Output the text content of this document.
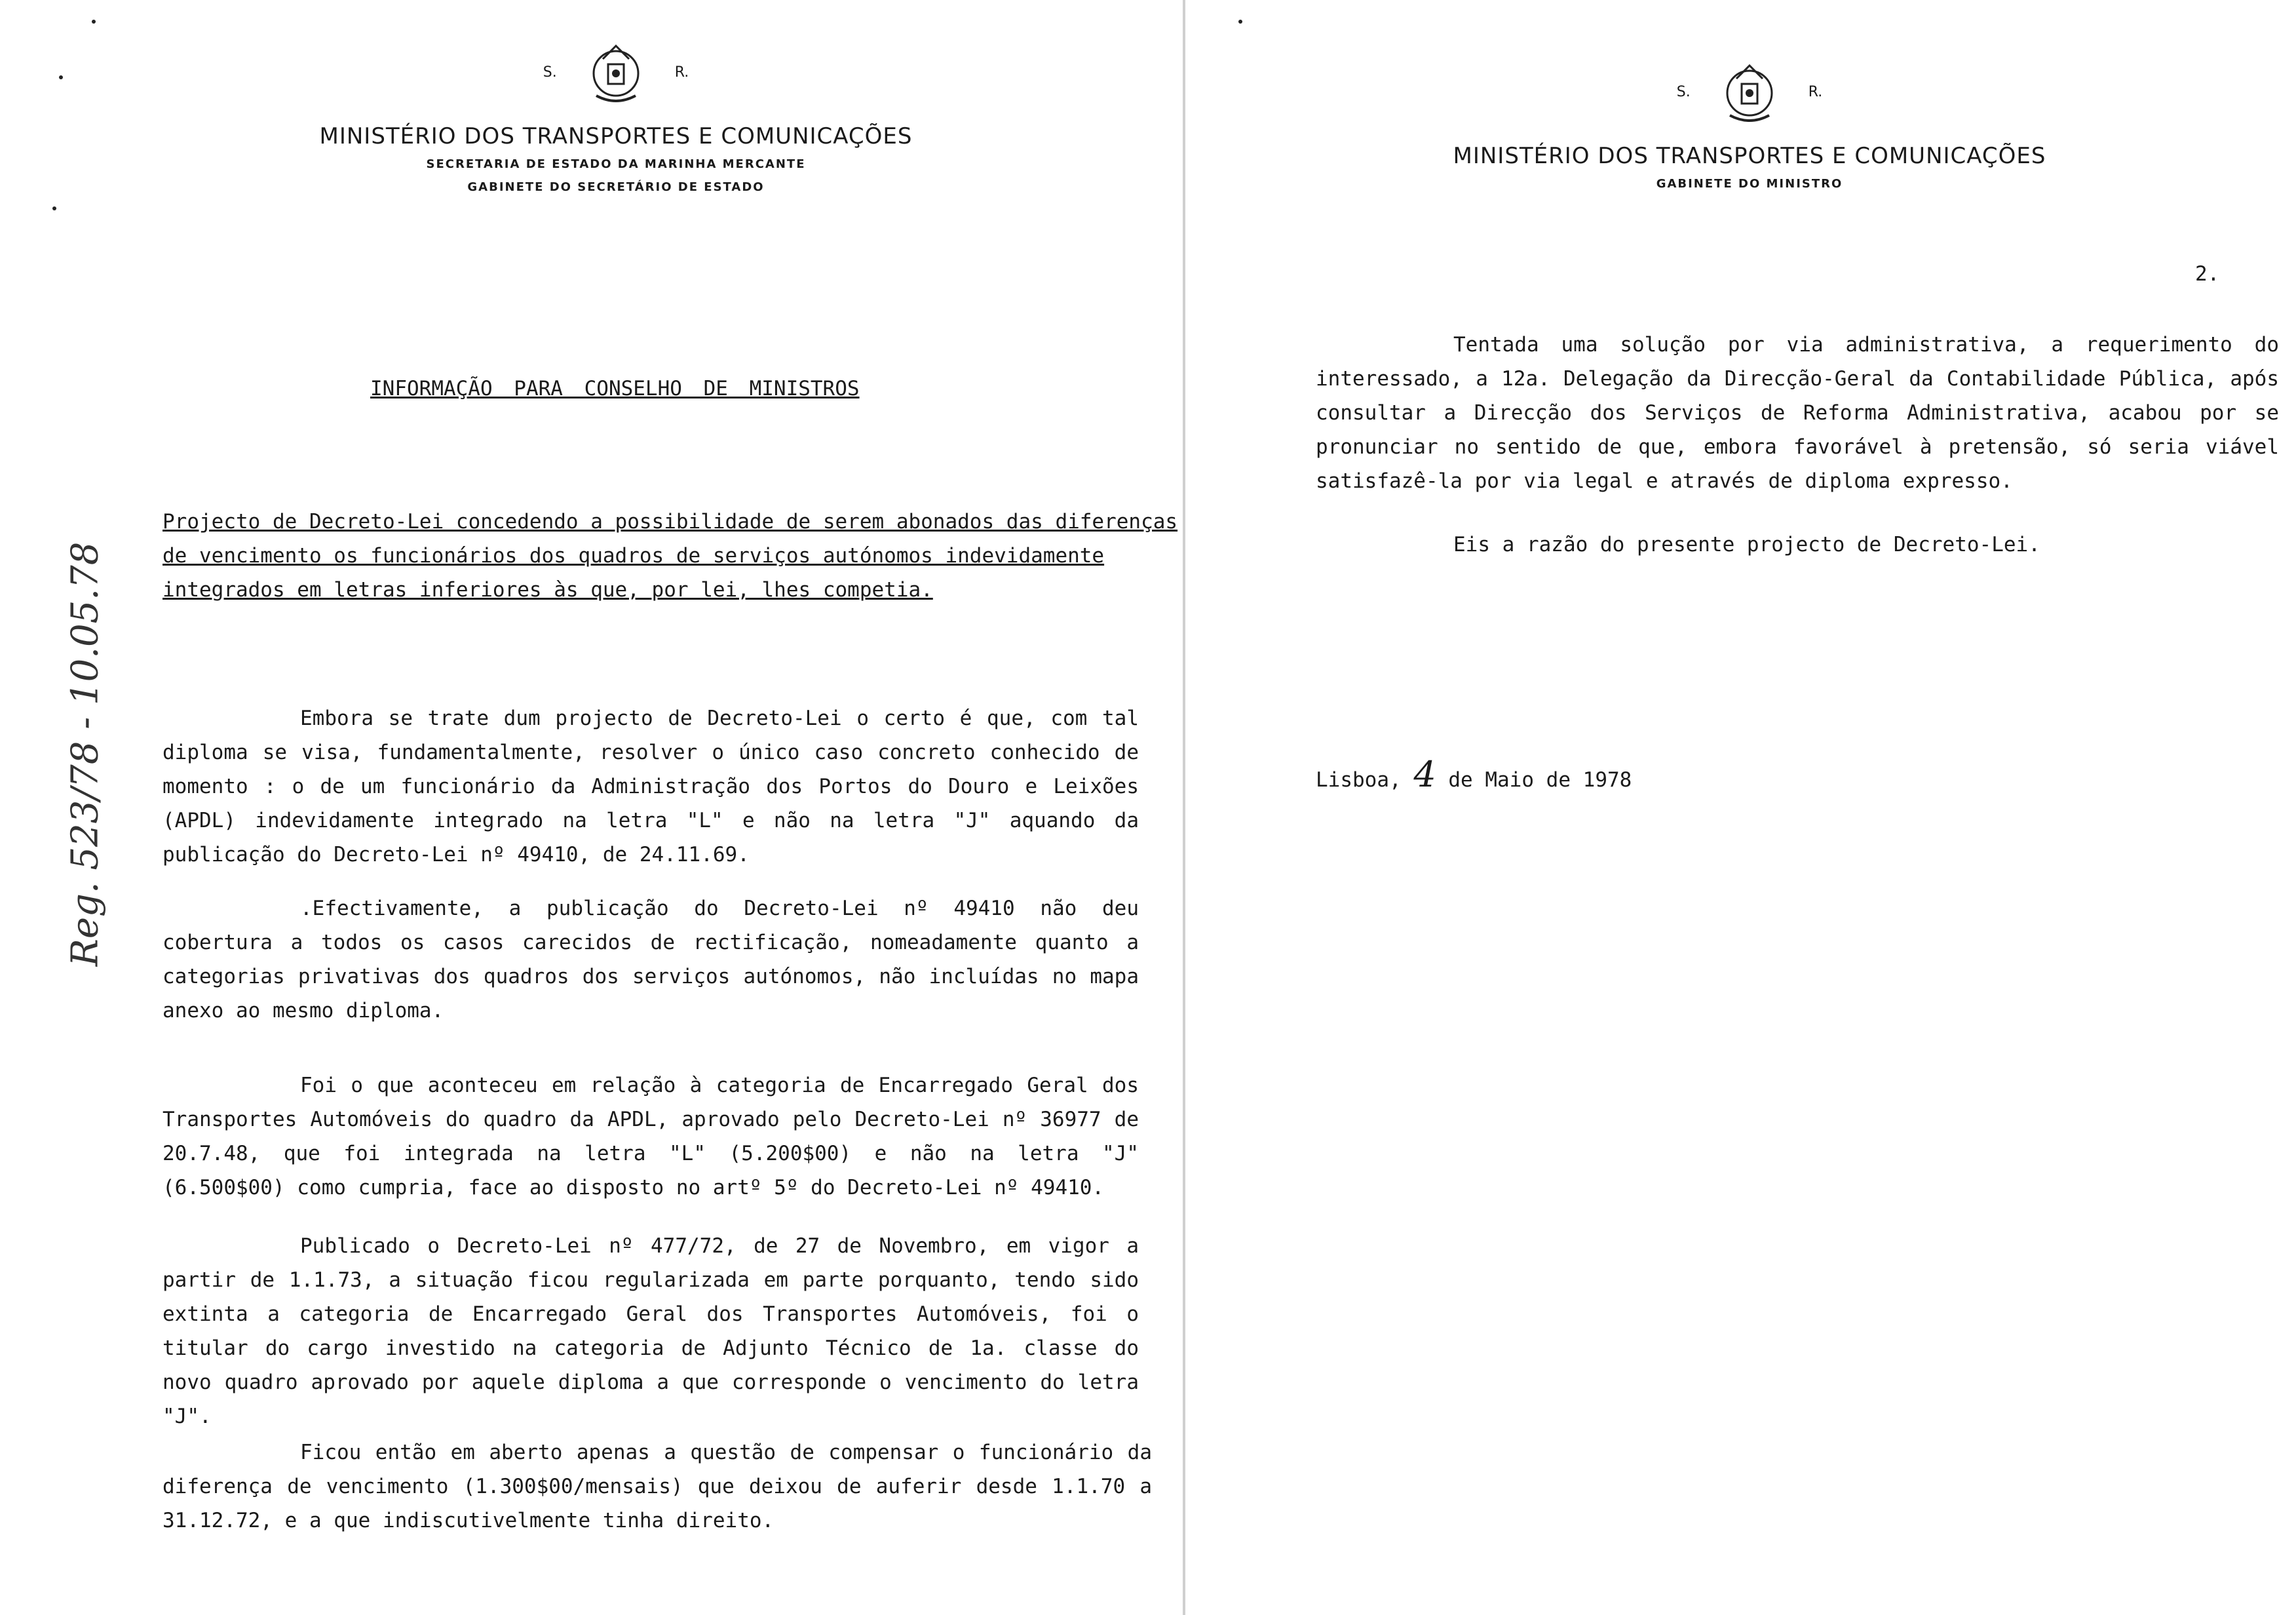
S.	R.
MINISTÉRIO DOS TRANSPORTES E COMUNICAÇÕES
SECRETARIA DE ESTADO DA MARINHA MERCANTE
GABINETE DO SECRETÁRIO DE ESTADO
INFORMAÇÃO PARA CONSELHO DE MINISTROS
Projecto de Decreto-Lei concedendo a possibilidade de serem abonados das diferenças de vencimento os funcionários dos quadros de serviços autónomos indevidamente integrados em letras inferiores às que, por lei, lhes competia.

Embora se trate dum projecto de Decreto-Lei o certo é que, com tal diploma se visa, fundamentalmente, resolver o único caso concreto conhecido de momento : o de um funcionário da Administração dos Portos do Douro e Leixões (APDL) indevidamente integrado na letra "L" e não na letra "J" aquando da publicação do Decreto-Lei nº 49410, de 24.11.69.

.Efectivamente, a publicação do Decreto-Lei nº 49410 não deu cobertura a todos os casos carecidos de rectificação, nomeadamente quanto a categorias privativas dos quadros dos serviços autónomos, não incluídas no mapa anexo ao mesmo diploma.

Foi o que aconteceu em relação à categoria de Encarregado Geral dos Transportes Automóveis do quadro da APDL, aprovado pelo Decreto-Lei nº 36977 de 20.7.48, que foi integrada na letra "L" (5.200$00) e não na letra "J" (6.500$00) como cumpria, face ao disposto no artº 5º do Decreto-Lei nº 49410.

Publicado o Decreto-Lei nº 477/72, de 27 de Novembro, em vigor a partir de 1.1.73, a situação ficou regularizada em parte porquanto, tendo sido extinta a categoria de Encarregado Geral dos Transportes Automóveis, foi o titular do cargo investido na categoria de Adjunto Técnico de 1a. classe do novo quadro aprovado por aquele diploma a que corresponde o vencimento do letra "J".

Ficou então em aberto apenas a questão de compensar o funcionário da diferença de vencimento (1.300$00/mensais) que deixou de auferir desde 1.1.70 a 31.12.72, e a que indiscutivelmente tinha direito.

Reg. 523/78 - 10.05.78
S.	R.
MINISTÉRIO DOS TRANSPORTES E COMUNICAÇÕES
GABINETE DO MINISTRO
2.

Tentada uma solução por via administrativa, a requerimento do interessado, a 12a. Delegação da Direcção-Geral da Contabilidade Pública, após consultar a Direcção dos Serviços de Reforma Administrativa, acabou por se pronunciar no sentido de que, embora favorável à pretensão, só seria viável satisfazê-la por via legal e através de diploma expresso.

Eis a razão do presente projecto de Decreto-Lei.

Lisboa, 4 de Maio de 1978
